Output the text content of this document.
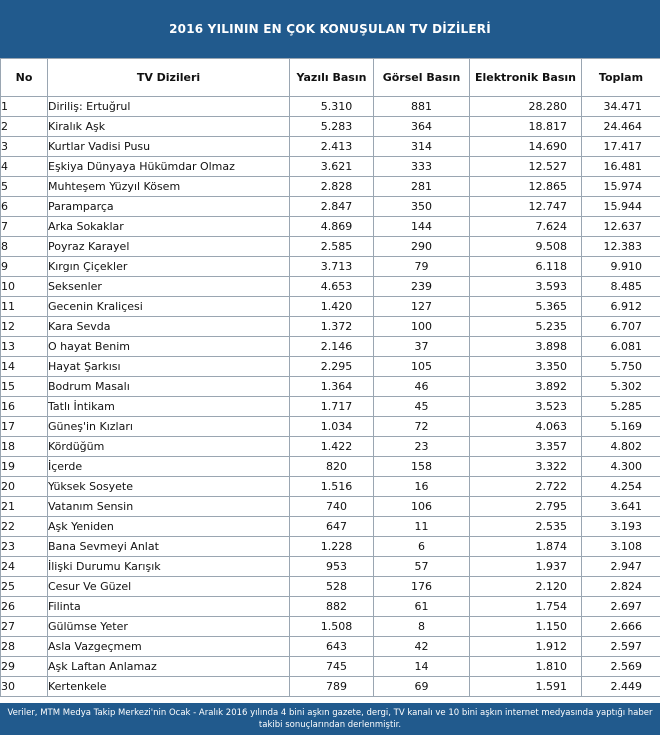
2016 YILININ EN ÇOK KONUŞULAN TV DİZİLERİ
No	TV Dizileri	Yazılı Basın	Görsel Basın	Elektronik Basın	Toplam
1	Diriliş: Ertuğrul	5.310	881	28.280	34.471
2	Kiralık Aşk	5.283	364	18.817	24.464
3	Kurtlar Vadisi Pusu	2.413	314	14.690	17.417
4	Eşkiya Dünyaya Hükümdar Olmaz	3.621	333	12.527	16.481
5	Muhteşem Yüzyıl Kösem	2.828	281	12.865	15.974
6	Paramparça	2.847	350	12.747	15.944
7	Arka Sokaklar	4.869	144	7.624	12.637
8	Poyraz Karayel	2.585	290	9.508	12.383
9	Kırgın Çiçekler	3.713	79	6.118	9.910
10	Seksenler	4.653	239	3.593	8.485
11	Gecenin Kraliçesi	1.420	127	5.365	6.912
12	Kara Sevda	1.372	100	5.235	6.707
13	O hayat Benim	2.146	37	3.898	6.081
14	Hayat Şarkısı	2.295	105	3.350	5.750
15	Bodrum Masalı	1.364	46	3.892	5.302
16	Tatlı İntikam	1.717	45	3.523	5.285
17	Güneş'in Kızları	1.034	72	4.063	5.169
18	Kördüğüm	1.422	23	3.357	4.802
19	İçerde	820	158	3.322	4.300
20	Yüksek Sosyete	1.516	16	2.722	4.254
21	Vatanım Sensin	740	106	2.795	3.641
22	Aşk Yeniden	647	11	2.535	3.193
23	Bana Sevmeyi Anlat	1.228	6	1.874	3.108
24	İlişki Durumu Karışık	953	57	1.937	2.947
25	Cesur Ve Güzel	528	176	2.120	2.824
26	Filinta	882	61	1.754	2.697
27	Gülümse Yeter	1.508	8	1.150	2.666
28	Asla Vazgeçmem	643	42	1.912	2.597
29	Aşk Laftan Anlamaz	745	14	1.810	2.569
30	Kertenkele	789	69	1.591	2.449
Veriler, MTM Medya Takip Merkezi'nin Ocak - Aralık 2016 yılında 4 bini aşkın gazete, dergi, TV kanalı ve 10 bini aşkın internet medyasında yaptığı haber takibi sonuçlarından derlenmiştir.
